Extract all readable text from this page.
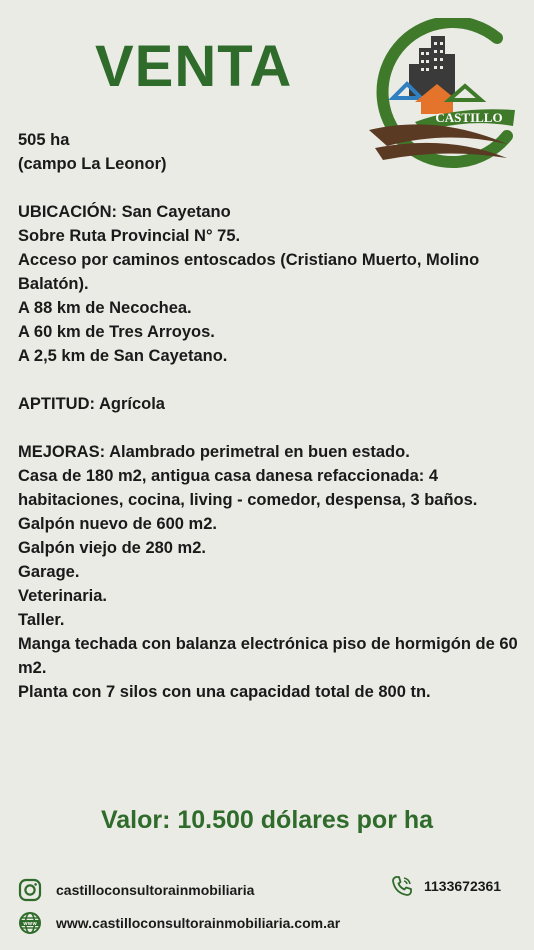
VENTA
CASTILLO

505 ha

(campo La Leonor)

UBICACIÓN: San Cayetano

Sobre Ruta Provincial N° 75.

Acceso por caminos entoscados (Cristiano Muerto, Molino Balatón).

A 88 km de Necochea.

A 60 km de Tres Arroyos.

A 2,5 km de San Cayetano.

APTITUD: Agrícola

MEJORAS: Alambrado perimetral en buen estado.

Casa de 180 m2, antigua casa danesa refaccionada: 4 habitaciones, cocina, living - comedor, despensa, 3 baños.

Galpón nuevo de 600 m2.

Galpón viejo de 280 m2.

Garage.

Veterinaria.

Taller.

Manga techada con balanza electrónica piso de hormigón de 60 m2.

Planta con 7 silos con una capacidad total de 800 tn.

Valor: 10.500 dólares por ha
castilloconsultorainmobiliaria
www www.castilloconsultorainmobiliaria.com.ar
1133672361
